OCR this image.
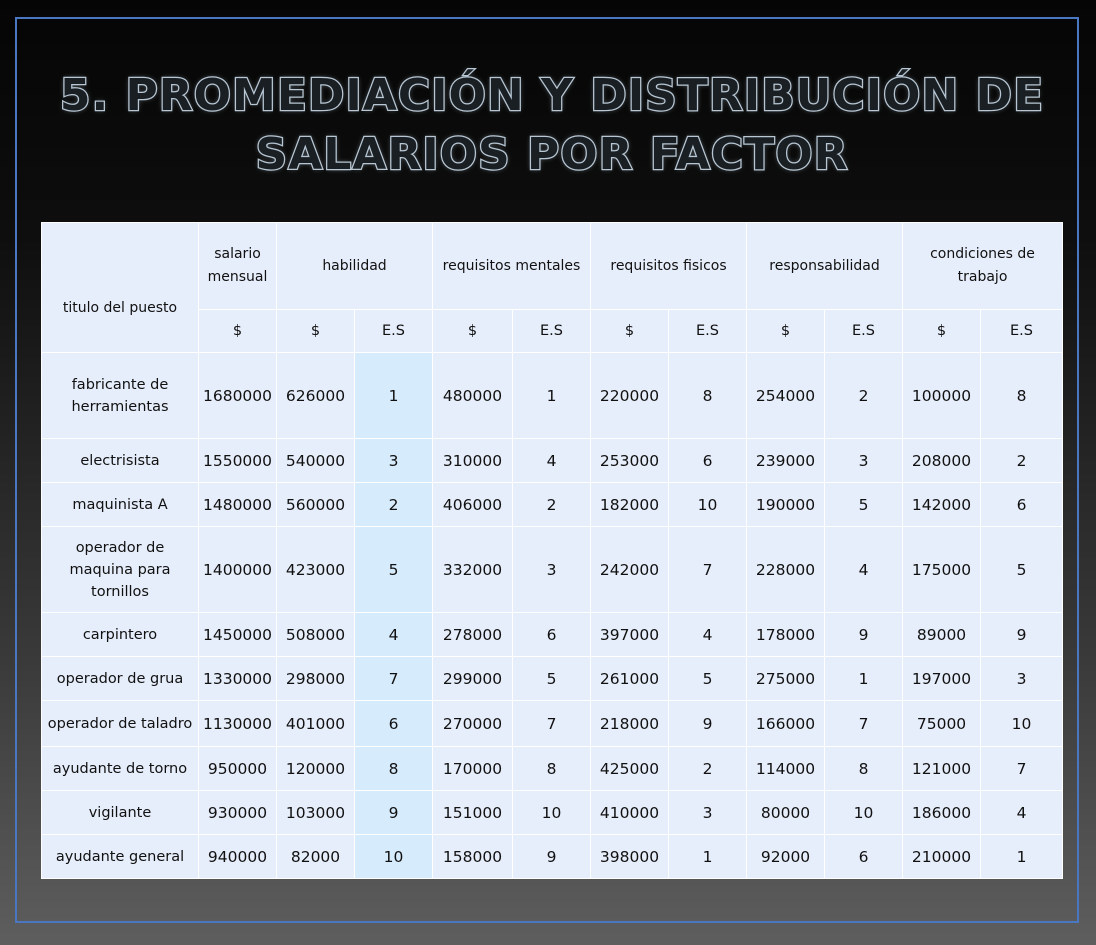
5. PROMEDIACIÓN Y DISTRIBUCIÓN DE
SALARIOS POR FACTOR
titulo del puesto	salario mensual	habilidad		requisitos mentales		requisitos fisicos		responsabilidad		condiciones de trabajo	
	$	$	E.S	$	E.S	$	E.S	$	E.S	$	E.S
fabricante de herramientas	1680000	626000	1	480000	1	220000	8	254000	2	100000	8
electrisista	1550000	540000	3	310000	4	253000	6	239000	3	208000	2
maquinista A	1480000	560000	2	406000	2	182000	10	190000	5	142000	6
operador de maquina para tornillos	1400000	423000	5	332000	3	242000	7	228000	4	175000	5
carpintero	1450000	508000	4	278000	6	397000	4	178000	9	89000	9
operador de grua	1330000	298000	7	299000	5	261000	5	275000	1	197000	3
operador de taladro	1130000	401000	6	270000	7	218000	9	166000	7	75000	10
ayudante de torno	950000	120000	8	170000	8	425000	2	114000	8	121000	7
vigilante	930000	103000	9	151000	10	410000	3	80000	10	186000	4
ayudante general	940000	82000	10	158000	9	398000	1	92000	6	210000	1
